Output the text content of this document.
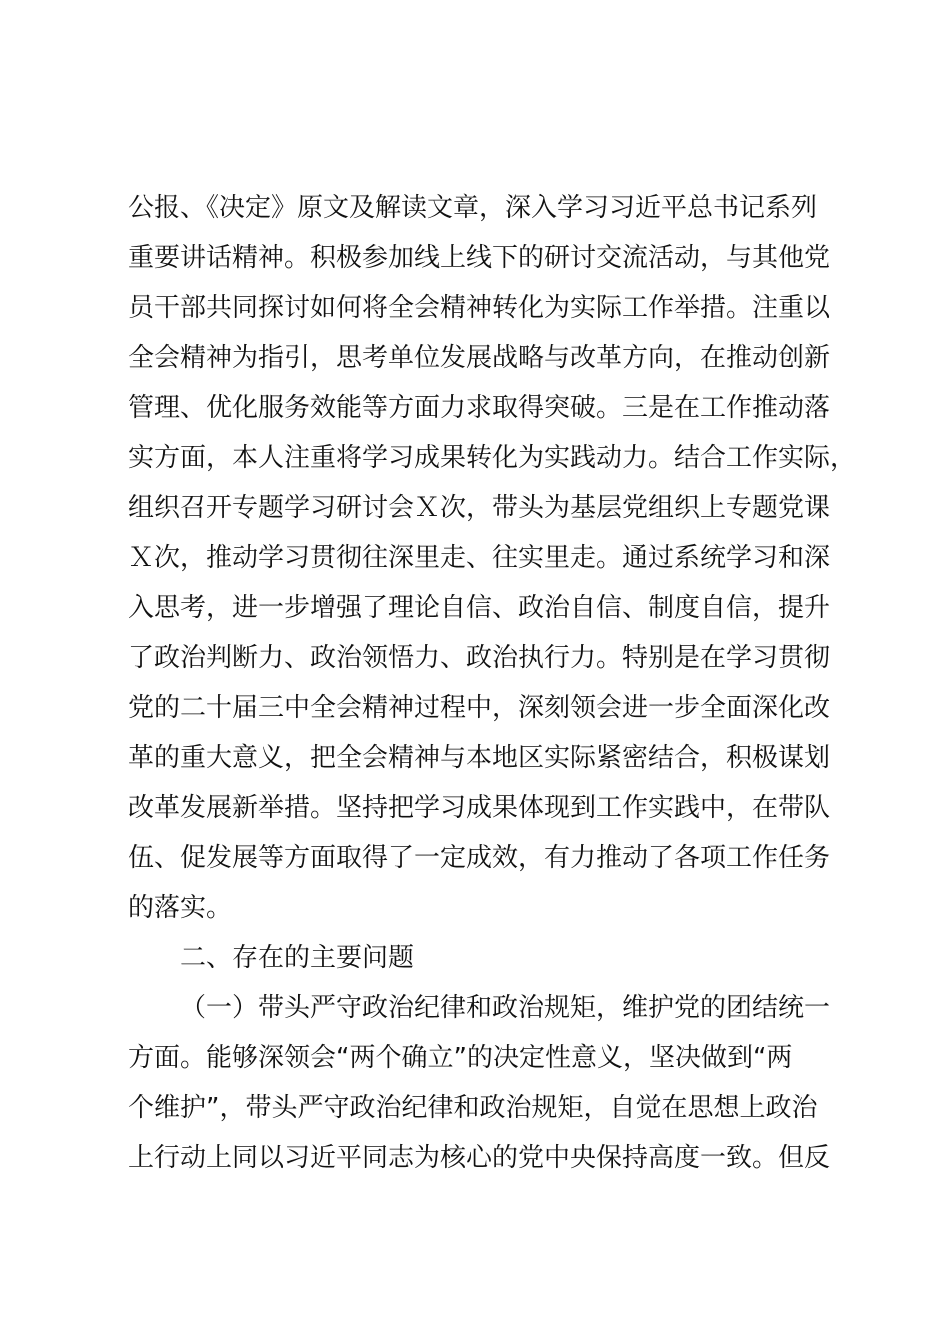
公报、《决定》原文及解读文章，深入学习习近平总书记系列
重要讲话精神。积极参加线上线下的研讨交流活动，与其他党
员干部共同探讨如何将全会精神转化为实际工作举措。注重以
全会精神为指引，思考单位发展战略与改革方向，在推动创新
管理、优化服务效能等方面力求取得突破。三是在工作推动落
实方面，本人注重将学习成果转化为实践动力。结合工作实际，
组织召开专题学习研讨会Ｘ次，带头为基层党组织上专题党课
Ｘ次，推动学习贯彻往深里走、往实里走。通过系统学习和深
入思考，进一步增强了理论自信、政治自信、制度自信，提升
了政治判断力、政治领悟力、政治执行力。特别是在学习贯彻
党的二十届三中全会精神过程中，深刻领会进一步全面深化改
革的重大意义，把全会精神与本地区实际紧密结合，积极谋划
改革发展新举措。坚持把学习成果体现到工作实践中，在带队
伍、促发展等方面取得了一定成效，有力推动了各项工作任务
的落实。
二、存在的主要问题
（一）带头严守政治纪律和政治规矩，维护党的团结统一
方面。能够深领会“两个确立”的决定性意义，坚决做到“两
个维护”，带头严守政治纪律和政治规矩，自觉在思想上政治
上行动上同以习近平同志为核心的党中央保持高度一致。但反
